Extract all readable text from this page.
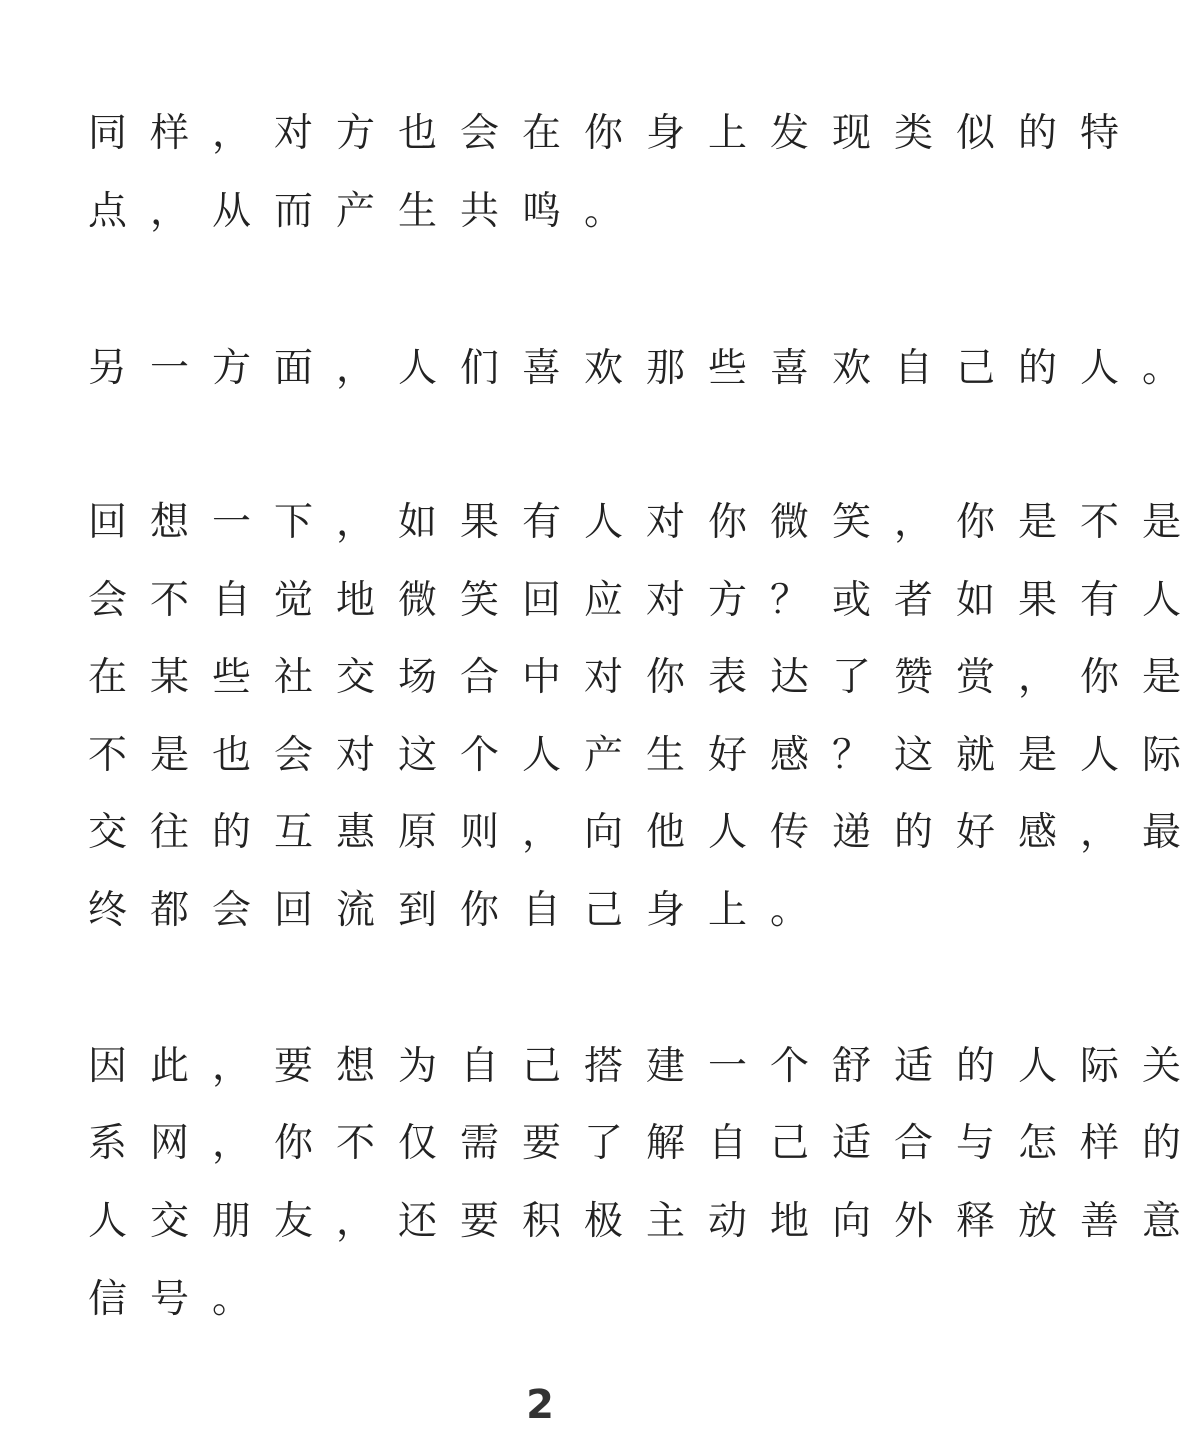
同样，对方也会在你身上发现类似的特
点，从而产生共鸣。
另一方面，人们喜欢那些喜欢自己的人。
回想一下，如果有人对你微笑，你是不是
会不自觉地微笑回应对方？或者如果有人
在某些社交场合中对你表达了赞赏，你是
不是也会对这个人产生好感？这就是人际
交往的互惠原则，向他人传递的好感，最
终都会回流到你自己身上。
因此，要想为自己搭建一个舒适的人际关
系网，你不仅需要了解自己适合与怎样的
人交朋友，还要积极主动地向外释放善意
信号。
2
